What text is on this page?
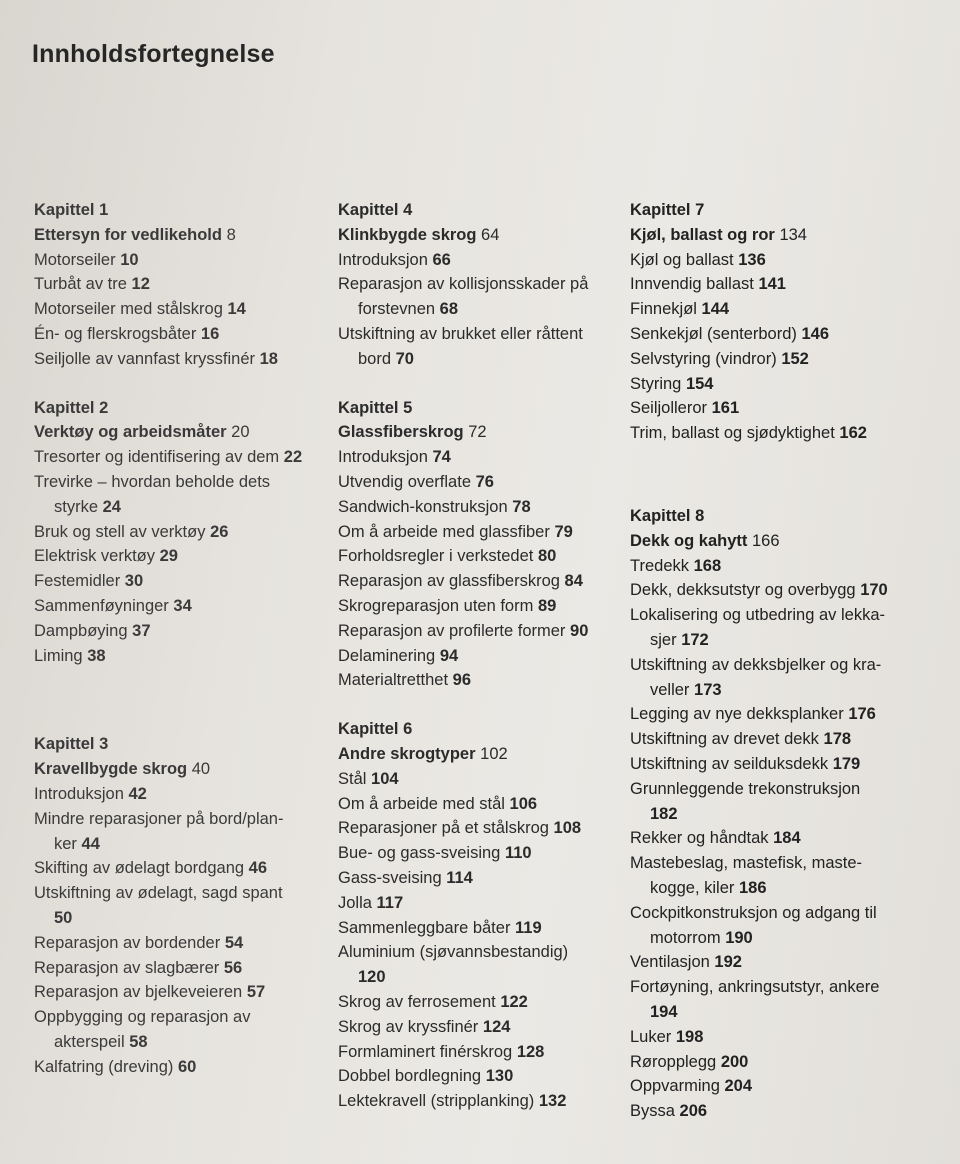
Innholdsfortegnelse
Kapittel 1
Ettersyn for vedlikehold 8
Motorseiler 10
Turbåt av tre 12
Motorseiler med stålskrog 14
Én- og flerskrogsbåter 16
Seiljolle av vannfast kryssfinér 18
Kapittel 2
Verktøy og arbeidsmåter 20
Tresorter og identifisering av dem 22
Trevirke – hvordan beholde dets
styrke 24
Bruk og stell av verktøy 26
Elektrisk verktøy 29
Festemidler 30
Sammenføyninger 34
Dampbøying 37
Liming 38
Kapittel 3
Kravellbygde skrog 40
Introduksjon 42
Mindre reparasjoner på bord/plan-
ker 44
Skifting av ødelagt bordgang 46
Utskiftning av ødelagt, sagd spant
50
Reparasjon av bordender 54
Reparasjon av slagbærer 56
Reparasjon av bjelkeveieren 57
Oppbygging og reparasjon av
akterspeil 58
Kalfatring (dreving) 60
Kapittel 4
Klinkbygde skrog 64
Introduksjon 66
Reparasjon av kollisjonsskader på
forstevnen 68
Utskiftning av brukket eller råttent
bord 70
Kapittel 5
Glassfiberskrog 72
Introduksjon 74
Utvendig overflate 76
Sandwich-konstruksjon 78
Om å arbeide med glassfiber 79
Forholdsregler i verkstedet 80
Reparasjon av glassfiberskrog 84
Skrogreparasjon uten form 89
Reparasjon av profilerte former 90
Delaminering 94
Materialtretthet 96
Kapittel 6
Andre skrogtyper 102
Stål 104
Om å arbeide med stål 106
Reparasjoner på et stålskrog 108
Bue- og gass-sveising 110
Gass-sveising 114
Jolla 117
Sammenleggbare båter 119
Aluminium (sjøvannsbestandig)
120
Skrog av ferrosement 122
Skrog av kryssfinér 124
Formlaminert finérskrog 128
Dobbel bordlegning 130
Lektekravell (stripplanking) 132
Kapittel 7
Kjøl, ballast og ror 134
Kjøl og ballast 136
Innvendig ballast 141
Finnekjøl 144
Senkekjøl (senterbord) 146
Selvstyring (vindror) 152
Styring 154
Seiljolleror 161
Trim, ballast og sjødyktighet 162
Kapittel 8
Dekk og kahytt 166
Tredekk 168
Dekk, dekksutstyr og overbygg 170
Lokalisering og utbedring av lekka-
sjer 172
Utskiftning av dekksbjelker og kra-
veller 173
Legging av nye dekksplanker 176
Utskiftning av drevet dekk 178
Utskiftning av seilduksdekk 179
Grunnleggende trekonstruksjon
182
Rekker og håndtak 184
Mastebeslag, mastefisk, maste-
kogge, kiler 186
Cockpitkonstruksjon og adgang til
motorrom 190
Ventilasjon 192
Fortøyning, ankringsutstyr, ankere
194
Luker 198
Røropplegg 200
Oppvarming 204
Byssa 206
